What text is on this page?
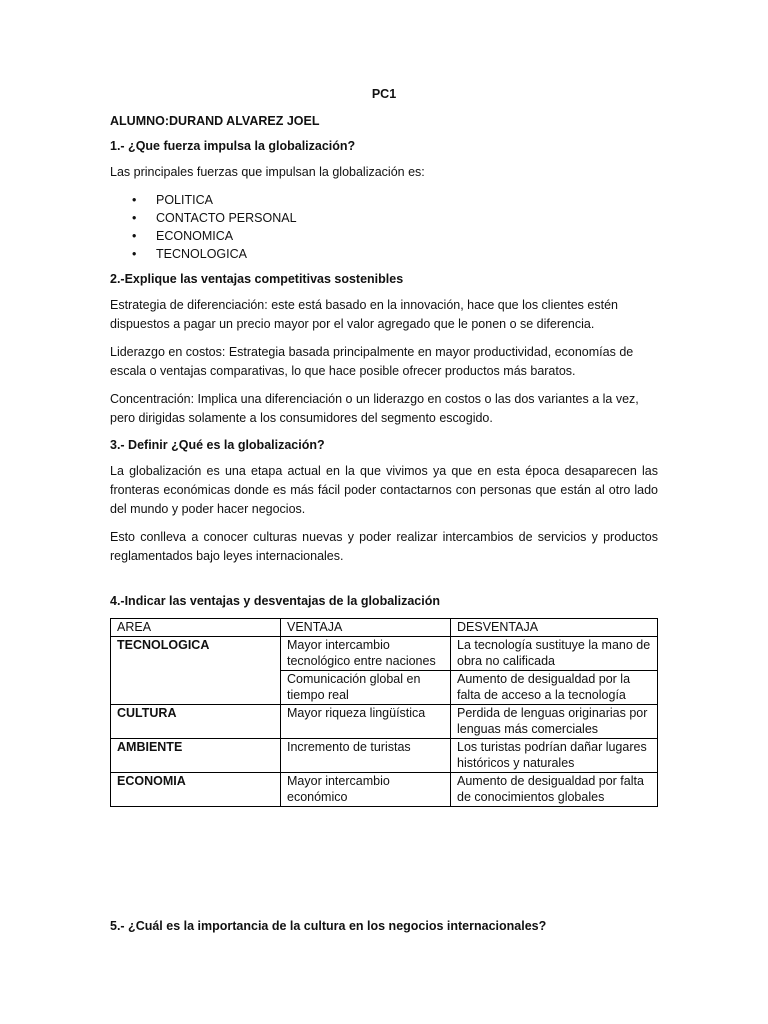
PC1
ALUMNO:DURAND ALVAREZ JOEL
1.- ¿Que fuerza impulsa la globalización?
Las principales fuerzas que impulsan la globalización es:
• POLITICA
• CONTACTO PERSONAL
• ECONOMICA
• TECNOLOGICA
2.-Explique las ventajas competitivas sostenibles
Estrategia de diferenciación: este está basado en la innovación, hace que los clientes estén dispuestos a pagar un precio mayor por el valor agregado que le ponen o se diferencia.
Liderazgo en costos: Estrategia basada principalmente en mayor productividad, economías de escala o ventajas comparativas, lo que hace posible ofrecer productos más baratos.
Concentración: Implica una diferenciación o un liderazgo en costos o las dos variantes a la vez, pero dirigidas solamente a los consumidores del segmento escogido.
3.- Definir ¿Qué es la globalización?
La globalización es una etapa actual en la que vivimos ya que en esta época desaparecen las fronteras económicas donde es más fácil poder contactarnos con personas que están al otro lado del mundo y poder hacer negocios.
Esto conlleva a conocer culturas nuevas y poder realizar intercambios de servicios y productos reglamentados bajo leyes internacionales.
4.-Indicar las ventajas y desventajas de la globalización
AREA	VENTAJA	DESVENTAJA
TECNOLOGICA	Mayor intercambio tecnológico entre naciones	La tecnología sustituye la mano de obra no calificada
	Comunicación global en tiempo real	Aumento de desigualdad por la falta de acceso a la tecnología
CULTURA	Mayor riqueza lingüística	Perdida de lenguas originarias por lenguas más comerciales
AMBIENTE	Incremento de turistas	Los turistas podrían dañar lugares históricos y naturales
ECONOMIA	Mayor intercambio económico	Aumento de desigualdad por falta de conocimientos globales
5.- ¿Cuál es la importancia de la cultura en los negocios internacionales?
